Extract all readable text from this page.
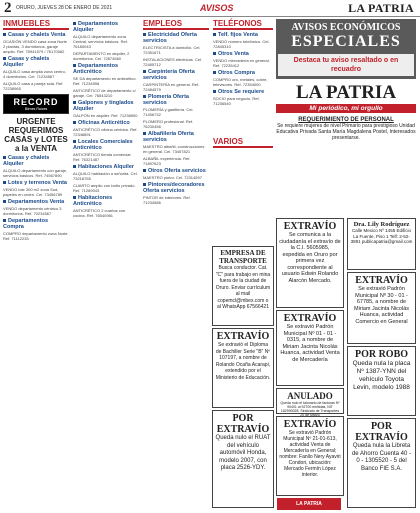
2 ORURO, JUEVES 28 DE ENERO DE 2021	AVISOS	LA PATRIA
INMUEBLES
Casas y chalets Venta
OCASIÓN VENDO casa zona Norte 2 plantas, 3 dormitorios, garaje amplio. Ref. 75941579 / 76170082
Casas y chalets Alquiler
ALQUILO casa amplia zona centro, 4 dormitorios. Cel. 71234567
ALQUILO casa a pareja sola. Ref. 72238965
RECORD
Bienes Raíces
URGENTE REQUERIMOS CASAS y LOTES a la VENTA
Casas y chalets Alquiler
ALQUILO departamento con garaje, servicios básicos. Ref. 74567890
Lotes y terrenos Venta
VENDO lote 300 m2 zona Sud, papeles en orden. Cel. 73456789
Departamentos Venta
VENDO departamento céntrico 3 dormitorios. Ref. 70234567
Departamentos Compra
COMPRO departamento zona Norte. Ref. 71112233
Departamentos Alquiler
ALQUILO departamento zona Central, servicios básicos. Ref. 76180043
DEPARTAMENTO en alquiler, 2 dormitorios. Cel. 72874560
Departamentos Anticrético
SE DA departamento en anticrético. Ref. 71234598
ANTICRÉTICO de departamento c/ garaje. Cel. 76543210
Galpones y tinglados Alquiler
GALPÓN en alquiler. Ref. 71238900
Oficinas Anticrético
ANTICRÉTICO oficina céntrica. Ref. 72348891
Locales Comerciales Anticrético
ANTICRÉTICO tienda comercial. Ref. 76321487
Habitaciones Alquiler
ALQUILO habitación a señorita. Cel. 73218765
CUARTO amplio con baño privado. Ref. 71289043
Habitaciones Anticrético
ANTICRÉTICO 2 cuartos con cocina. Ref. 76540981
EMPLEOS
Electricidad Oferta servicios
ELECTRICISTA a domicilio. Cel. 72351671
INSTALACIONES eléctricas. Cel. 72485712
Carpintería Oferta servicios
CARPINTERÍA en general. Ref. 72484579
Plomería Oferta servicios
PLOMERÍA y gasfitería. Cel. 71456732
PLOMERO profesional. Ref. 76230456
Albañilería Oferta servicios
MAESTRO albañil, construcciones en general. Cel. 73457821
ALBAÑIL experiencia. Ref. 71897623
Otros Oferta servicios
MAESTRO pintor. Cel. 72314597
Pintores/decoradores Oferta servicios
PINTOR de interiores. Ref. 71234586
TELÉFONOS
Telf. fijos Venta
VENDO número telefónico. Cel. 72845310
Otros Venta
VENDO mercadería en general. Ref. 72235412
Otros Compra
COMPRO oro, metales, cobre, televisores. Ref. 72354000
Otros Se requiere
SOCIO para negocio. Ref. 71236540
VARIOS
EMPRESA DE TRANSPORTE
Busca conductor. Cat. "C" para trabajo en mina fuera de la ciudad de Oruro. Enviar currículum al mail copemcl@mbex.com o al WhatsApp 67566421
EXTRAVÍO
Se extravió el Diploma de Bachiller Serie "B" Nº 107197, a nombre de Rolando Ocaña Acarapi, extendido por el Ministerio de Educación.
POR EXTRAVÍO
Queda nulo el RUAT del vehículo automóvil Honda, modelo 2007, con placa 2526-YDY.
AVISOS ECONÓMICOS
ESPECIALES
Destaca tu aviso resaltado o en recuadro
LA PATRIA
Mi periódico, mi orgullo
REQUERIMIENTO DE PERSONAL
Se requiere mujeres de nivel Primario para prestigioso Unidad Educativa Privada Santa María Magdalena Postel, Interesados presentarse.
EXTRAVÍO
Se comunica a la ciudadanía el extravío de la C.I. 5605985, expedida en Oruro por primera vez correspondiente al usuario Edwin Rolando Alarcón Mercado.
Dra. Lily Rodríguez
Calle Mexico Nº 1455 Edificio La Fuente, Piso 1 Telf: 2-52-3891 publicapatria@gmail.com
EXTRAVÍO
Se extravió Padrón Municipal Nº 30 - 01 - 67785, a nombre de Miriam Jacinta Nicolás Huanca, actividad Comercio en General
EXTRAVÍO
Se extravió Padrón Municipal Nº 01 - 01 - 0315, a nombre de Miriam Jacinta Nicolás Huanca, actividad Venta de Mercadería	POR ROBO
Queda nula la placa Nº 1387-YNN del vehículo Toyota Levin, modelo 1988
ANULADO
Queda nulo el talonario de facturas Nº 90401 al 92700 emitidas, NIT 162993028. Sindicato de Transportes 20 de Marzo
EXTRAVÍO
Se extravió Padrón Municipal Nº 21-01-613, actividad Venta de Mercadería en General; nombre: Fanilo Nery Ayaviri Condori, ubicación: Mercado Fermín López interior.
POR EXTRAVÍO
Queda nula la Libreta de Ahorro Cuenta 40 - 0 - 1305520 - 5 del Banco FIE S.A.
LA PATRIA
